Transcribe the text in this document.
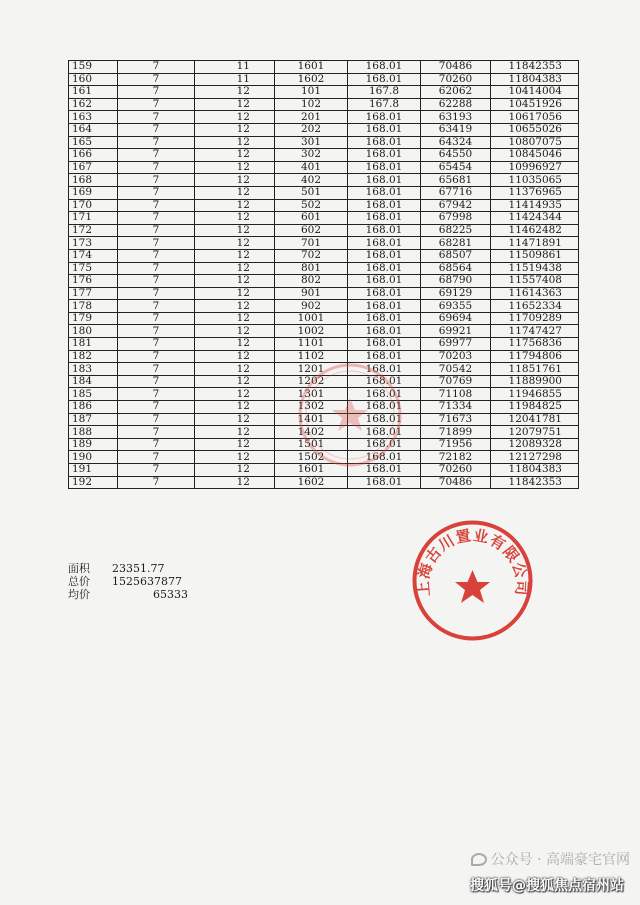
159	7	11	1601	168.01	70486	11842353
160	7	11	1602	168.01	70260	11804383
161	7	12	101	167.8	62062	10414004
162	7	12	102	167.8	62288	10451926
163	7	12	201	168.01	63193	10617056
164	7	12	202	168.01	63419	10655026
165	7	12	301	168.01	64324	10807075
166	7	12	302	168.01	64550	10845046
167	7	12	401	168.01	65454	10996927
168	7	12	402	168.01	65681	11035065
169	7	12	501	168.01	67716	11376965
170	7	12	502	168.01	67942	11414935
171	7	12	601	168.01	67998	11424344
172	7	12	602	168.01	68225	11462482
173	7	12	701	168.01	68281	11471891
174	7	12	702	168.01	68507	11509861
175	7	12	801	168.01	68564	11519438
176	7	12	802	168.01	68790	11557408
177	7	12	901	168.01	69129	11614363
178	7	12	902	168.01	69355	11652334
179	7	12	1001	168.01	69694	11709289
180	7	12	1002	168.01	69921	11747427
181	7	12	1101	168.01	69977	11756836
182	7	12	1102	168.01	70203	11794806
183	7	12	1201	168.01	70542	11851761
184	7	12	1202	168.01	70769	11889900
185	7	12	1301	168.01	71108	11946855
186	7	12	1302	168.01	71334	11984825
187	7	12	1401	168.01	71673	12041781
188	7	12	1402	168.01	71899	12079751
189	7	12	1501	168.01	71956	12089328
190	7	12	1502	168.01	72182	12127298
191	7	12	1601	168.01	70260	11804383
192	7	12	1602	168.01	70486	11842353
面积 23351.77
总价 1525637877
均价	65333	上海古川置业有限公司
公众号 · 高端豪宅官网
搜狐号@搜狐焦点宿州站
